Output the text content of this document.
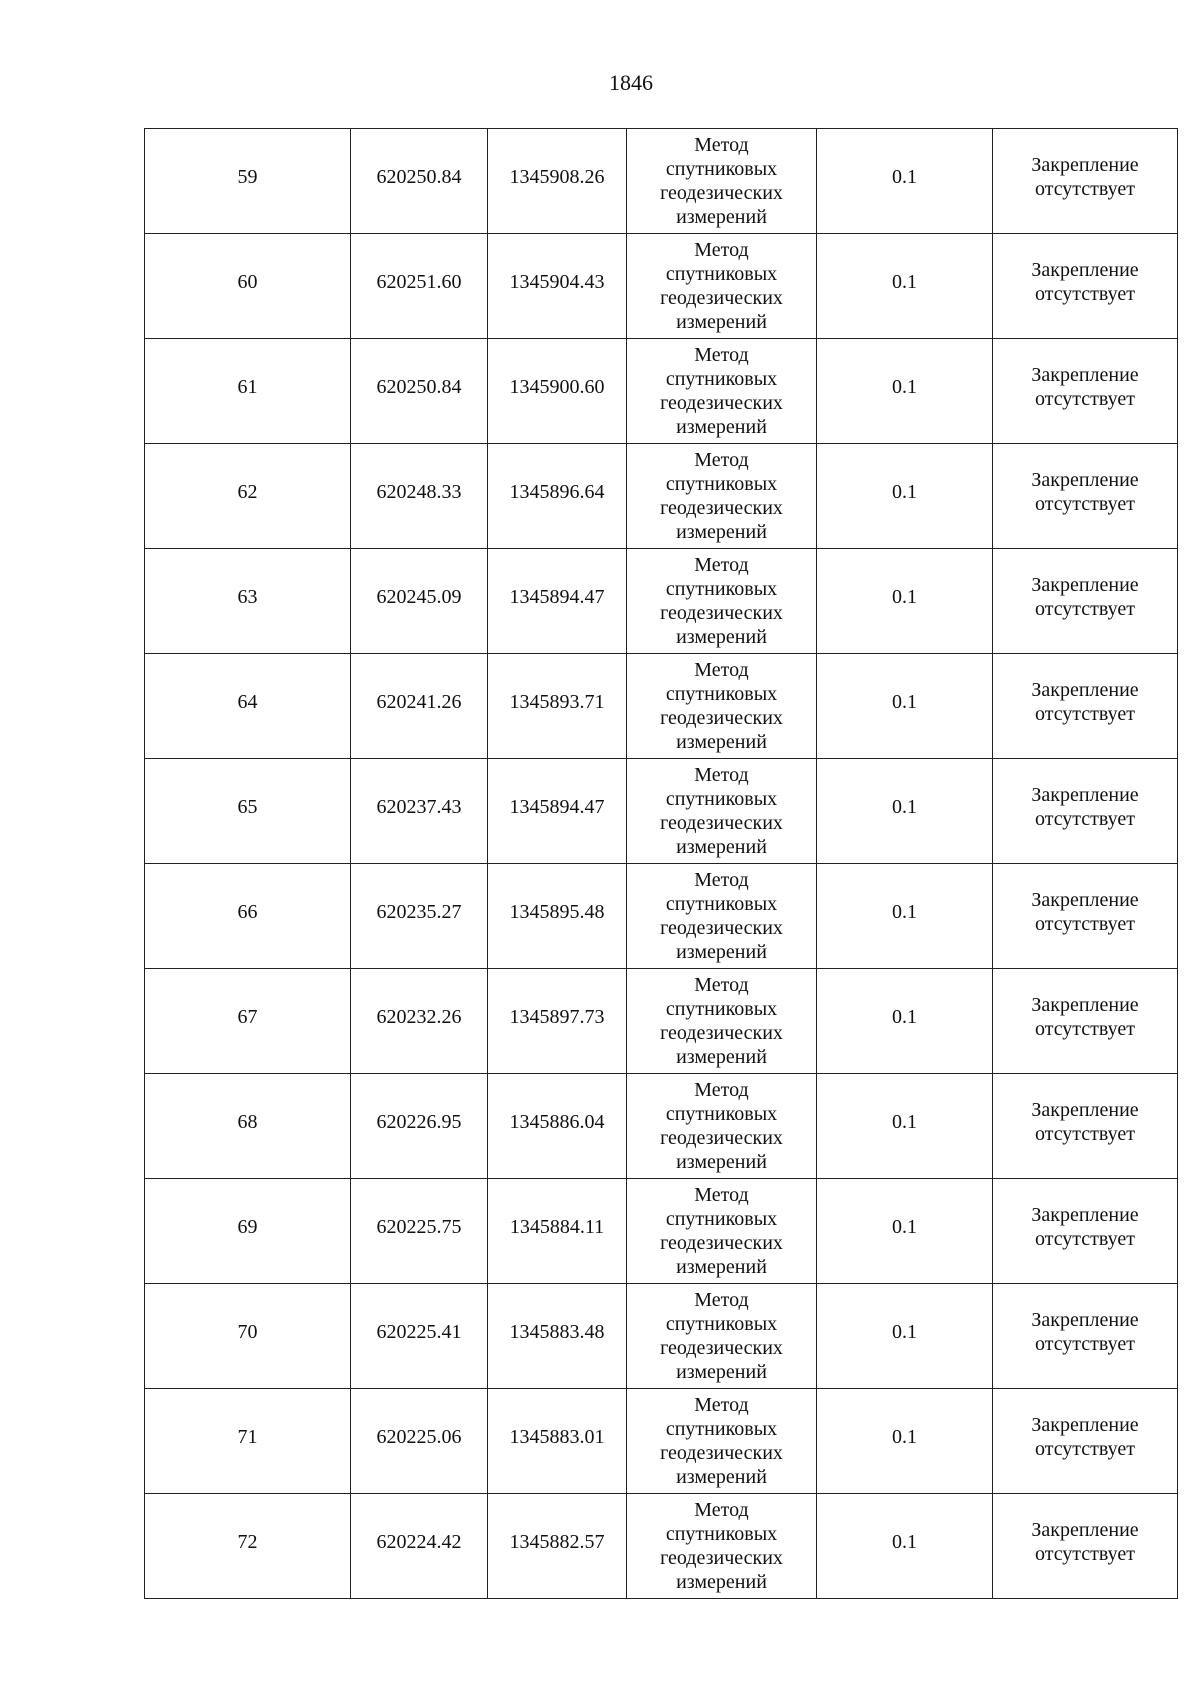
1846
59	620250.84	1345908.26	Метод
спутниковых
геодезических
измерений	0.1	Закрепление
отсутствует

60	620251.60	1345904.43	Метод
спутниковых
геодезических
измерений	0.1	Закрепление
отсутствует

61	620250.84	1345900.60	Метод
спутниковых
геодезических
измерений	0.1	Закрепление
отсутствует

62	620248.33	1345896.64	Метод
спутниковых
геодезических
измерений	0.1	Закрепление
отсутствует

63	620245.09	1345894.47	Метод
спутниковых
геодезических
измерений	0.1	Закрепление
отсутствует

64	620241.26	1345893.71	Метод
спутниковых
геодезических
измерений	0.1	Закрепление
отсутствует

65	620237.43	1345894.47	Метод
спутниковых
геодезических
измерений	0.1	Закрепление
отсутствует

66	620235.27	1345895.48	Метод
спутниковых
геодезических
измерений	0.1	Закрепление
отсутствует

67	620232.26	1345897.73	Метод
спутниковых
геодезических
измерений	0.1	Закрепление
отсутствует

68	620226.95	1345886.04	Метод
спутниковых
геодезических
измерений	0.1	Закрепление
отсутствует

69	620225.75	1345884.11	Метод
спутниковых
геодезических
измерений	0.1	Закрепление
отсутствует

70	620225.41	1345883.48	Метод
спутниковых
геодезических
измерений	0.1	Закрепление
отсутствует

71	620225.06	1345883.01	Метод
спутниковых
геодезических
измерений	0.1	Закрепление
отсутствует

72	620224.42	1345882.57	Метод
спутниковых
геодезических
измерений	0.1	Закрепление
отсутствует
